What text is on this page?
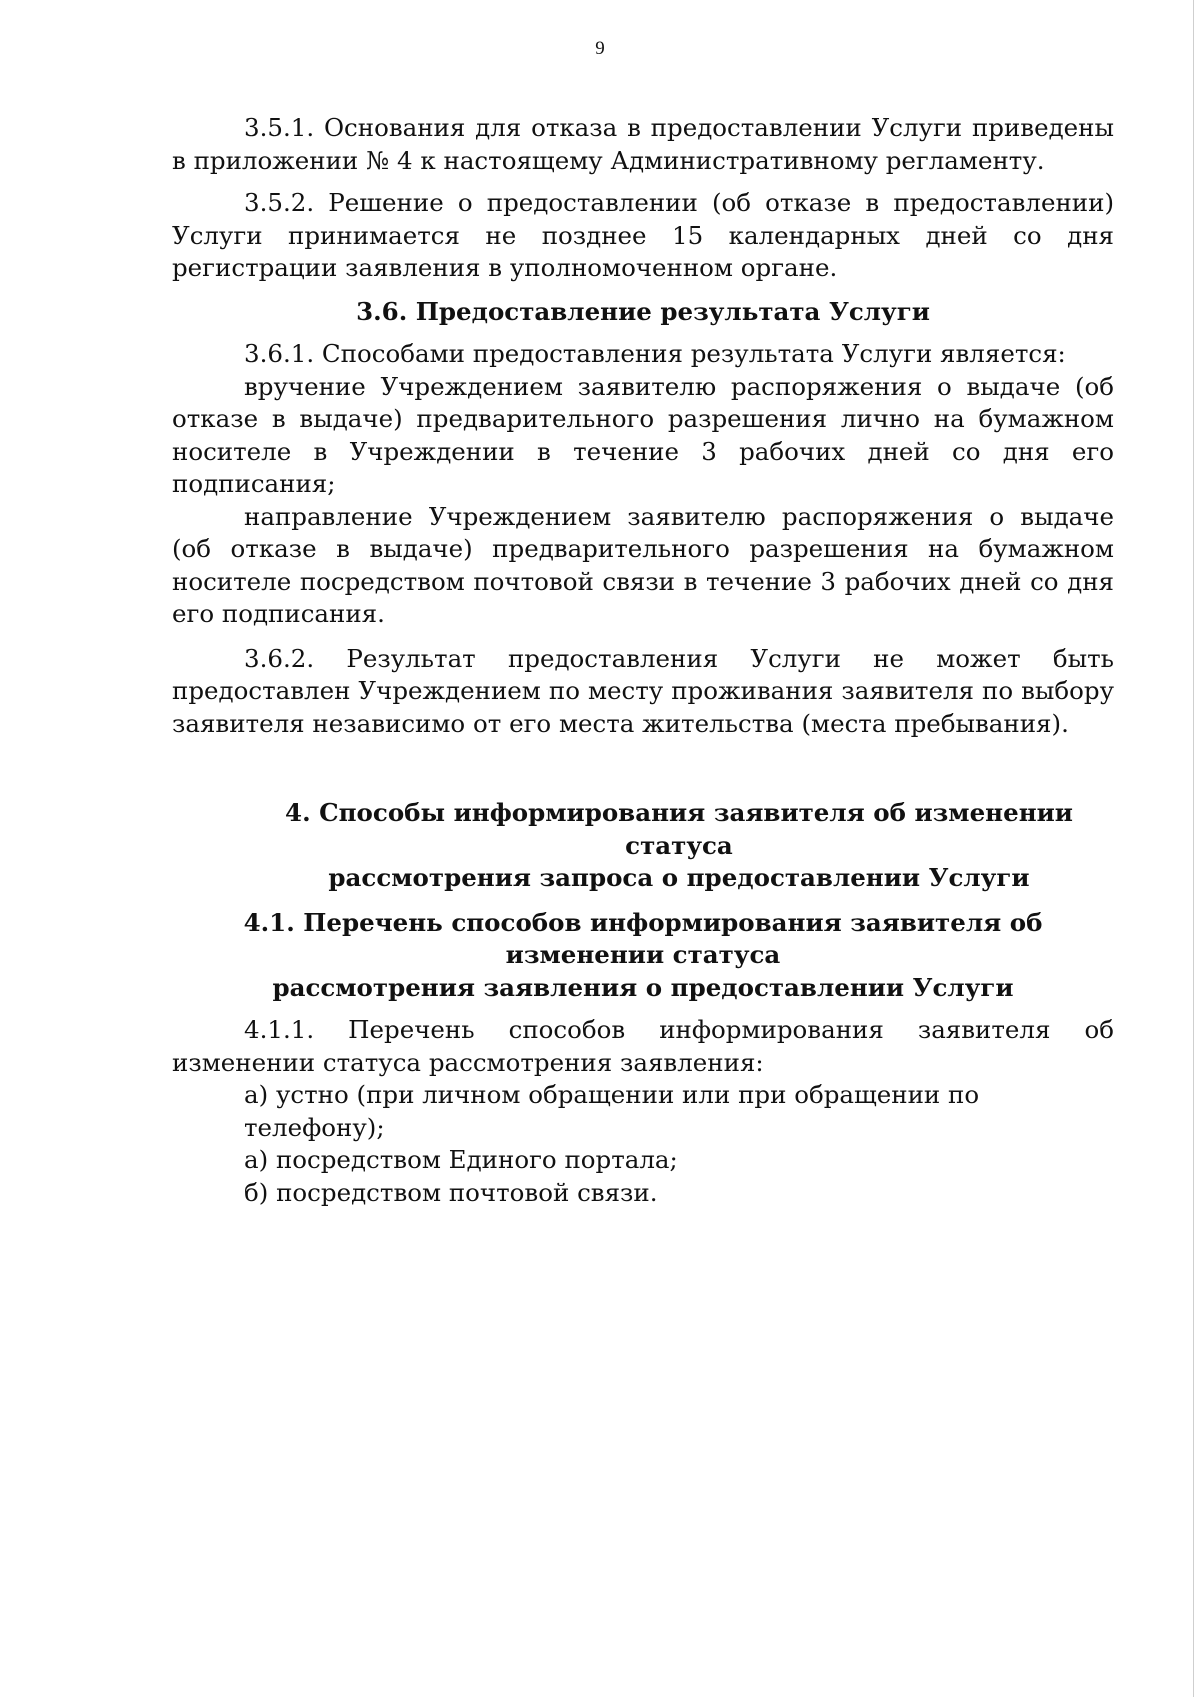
9

3.5.1. Основания для отказа в предоставлении Услуги приведены в приложении № 4 к настоящему Административному регламенту.

3.5.2. Решение о предоставлении (об отказе в предоставлении) Услуги принимается не позднее 15 календарных дней со дня регистрации заявления в уполномоченном органе.

3.6. Предоставление результата Услуги

3.6.1. Способами предоставления результата Услуги является:

вручение Учреждением заявителю распоряжения о выдаче (об отказе в выдаче) предварительного разрешения лично на бумажном носителе в Учреждении в течение 3 рабочих дней со дня его подписания;

направление Учреждением заявителю распоряжения о выдаче (об отказе в выдаче) предварительного разрешения на бумажном носителе посредством почтовой связи в течение 3 рабочих дней со дня его подписания.

3.6.2. Результат предоставления Услуги не может быть предоставлен Учреждением по месту проживания заявителя по выбору заявителя независимо от его места жительства (места пребывания).

4. Способы информирования заявителя об изменении статуса
рассмотрения запроса о предоставлении Услуги
4.1. Перечень способов информирования заявителя об изменении статуса
рассмотрения заявления о предоставлении Услуги

4.1.1. Перечень способов информирования заявителя об изменении статуса рассмотрения заявления:

а) устно (при личном обращении или при обращении по телефону);
а) посредством Единого портала;
б) посредством почтовой связи.
